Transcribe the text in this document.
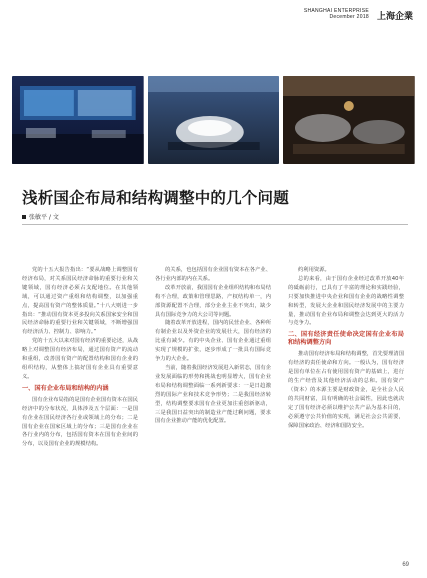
SHANGHAI ENTERPRISE
December 2018 上海企業
浅析国企布局和结构调整中的几个问题
张敏平 / 文

党的十五大报告指出：“要从战略上调整国有经济布局，对关系国民经济命脉的重要行业和关键领域，国有经济必须占支配地位。在其他领域，可以通过资产重组和结构调整，以加强重点，提高国有资产的整体质量。”十八大则进一步指出：“推动国有资本更多投向关系国家安全和国民经济命脉的重要行业和关键领域，不断增强国有经济活力、控制力、影响力。”

党的十五大以来对国有经济的重要论述，从战略上对调整国有经济布局，通过国有资产的流动和重组，改善国有资产的配置结构和国有企业的组织结构，从整体上搞好国有企业具有重要意义。

一、国有企业布局和结构的内涵

国有企业布局指的是国有企业国有资本在国民经济中的分布状况，具体涉及五个层面：一是国有企业在国民经济各行业或领域上的分布；二是国有企业在国家区域上的分布；三是国有企业在各行业内的分布，包括国有资本在国有企业间的分布，以及国有企业的规模结构。

的关系，也包括国有企业国有资本在各产业、各行业内部的内在关系。

改革开放前，我国国有企业组织结构和布局结构不合理，政策和管理思路，产权结构单一，内部资源配置不合理，部分企业主业不突出，缺少具有国际竞争力的大公司等问题。

随着改革开放进程，国内的民营企业、各种所有制企业以及外资企业的发展壮大，国有经济的比重有减少。有的中央企业、国有企业通过重组实现了规模的扩张，逐步形成了一批具有国际竞争力的大企业。

当前，随着我国经济发展进入新常态，国有企业发展面临的形势和挑战也明显增大，国有企业布局和结构调整面临一系列新要求：一是日趋激烈的国际产业和技术竞争形势；二是我国经济转型，结构调整要求国有企业更加注重创新驱动，三是我国日益突出的制造业产能过剩问题，要求国有企业推动产能的优化配置。

约利用资源。

总的来看，由于国有企业经过改革开放40年的砥砺前行，已具有了丰富的理论和实践经验，只要加快推进中央企业和国有企业的战略性调整和转型，发展大企业和国民经济发展中的主要力量，推动国有企业布局和调整会达到更大的活力与竞争力。

二、国有经济责任使命决定国有企业布局和结构调整方向

推动国有经济布局和结构调整，首先要理清国有经济的责任使命和方向。一般认为，国有经济是国有单位在占有使用国有资产的基础上，进行的生产经营及其他经济活动的总和。国有资产（资本）的本源主要是财政资金，是全社会人民的共同财富，具有明确的社会属性，因此也就决定了国有经济必须以维护公共产品为基本目的，必须遵守公共价值的实现，满足社会公共需要，保障国家政治、经济和国防安全。

69
